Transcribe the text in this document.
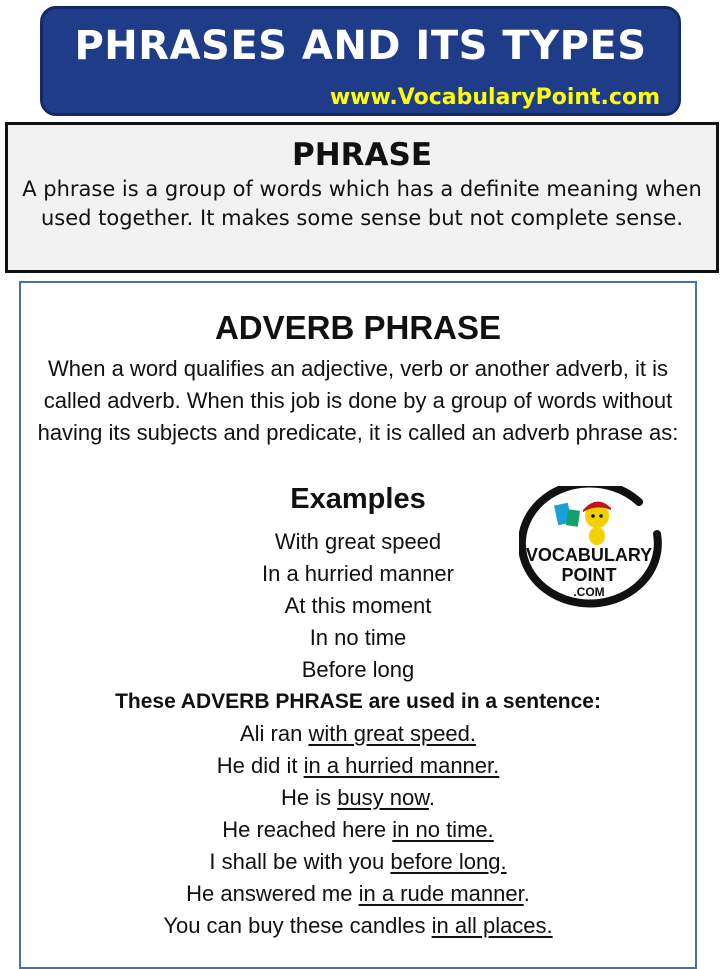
PHRASES AND ITS TYPES
www.VocabularyPoint.com
PHRASE
A phrase is a group of words which has a definite meaning when used together. It makes some sense but not complete sense.
ADVERB PHRASE
When a word qualifies an adjective, verb or another adverb, it is called adverb. When this job is done by a group of words without having its subjects and predicate, it is called an adverb phrase as:
Examples
With great speed
In a hurried manner
At this moment
In no time
Before long
These ADVERB PHRASE are used in a sentence:
Ali ran with great speed.
He did it in a hurried manner.
He is busy now.
He reached here in no time.
I shall be with you before long.
He answered me in a rude manner.
You can buy these candles in all places.
VOCABULARY
POINT
.COM
